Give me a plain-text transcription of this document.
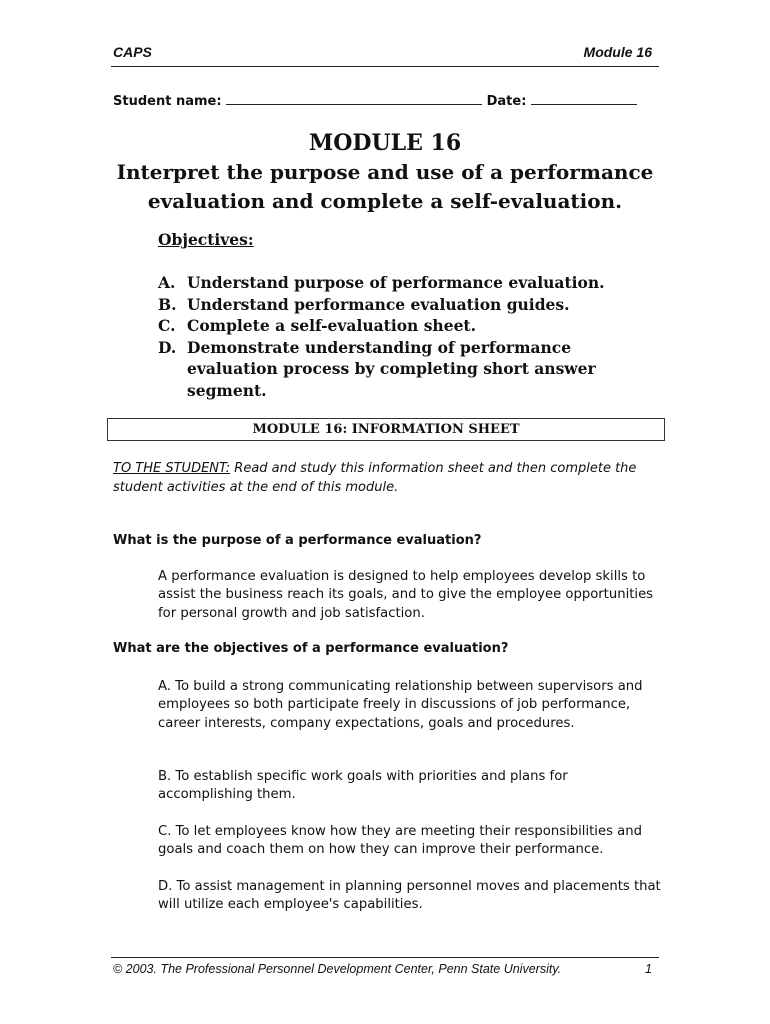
CAPS	Module 16
Student name:	Date:
MODULE 16
Interpret the purpose and use of a performance
evaluation and complete a self-evaluation.
Objectives:
A. Understand purpose of performance evaluation.
B. Understand performance evaluation guides.
C. Complete a self-evaluation sheet.
D. Demonstrate understanding of performance evaluation process by completing short answer segment.
MODULE 16: INFORMATION SHEET
TO THE STUDENT: Read and study this information sheet and then complete the student activities at the end of this module.
What is the purpose of a performance evaluation?
A performance evaluation is designed to help employees develop skills to assist the business reach its goals, and to give the employee opportunities for personal growth and job satisfaction.
What are the objectives of a performance evaluation?
A. To build a strong communicating relationship between supervisors and employees so both participate freely in discussions of job performance, career interests, company expectations, goals and procedures.
B. To establish specific work goals with priorities and plans for accomplishing them.
C. To let employees know how they are meeting their responsibilities and goals and coach them on how they can improve their performance.
D. To assist management in planning personnel moves and placements that will utilize each employee's capabilities.
© 2003. The Professional Personnel Development Center, Penn State University.	1
